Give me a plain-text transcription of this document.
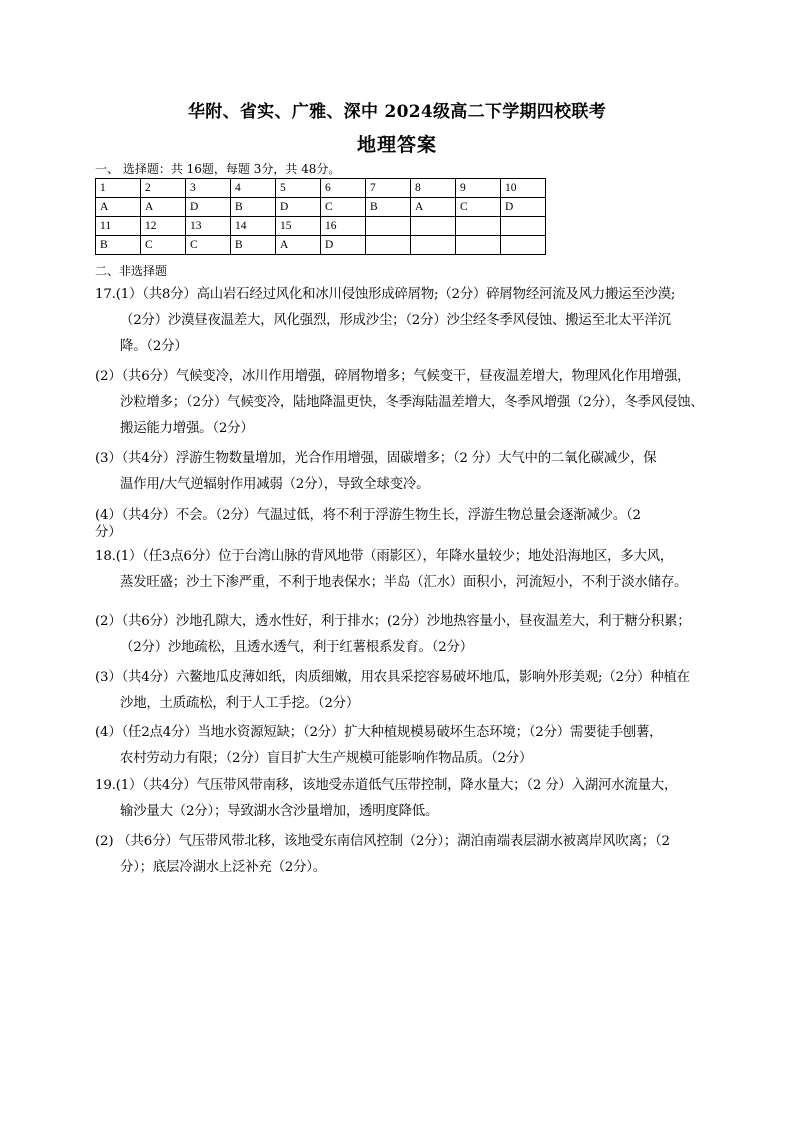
华附、省实、广雅、深中 2024级高二下学期四校联考
地理答案
一、 选择题：共 16题，每题 3分，共 48分。
1	2	3	4	5	6	7	8	9	10
A	A	D	B	D	C	B	A	C	D
11	12	13	14	15	16				
B	C	C	B	A	D				
二、非选择题
17.(1）（共8分）高山岩石经过风化和冰川侵蚀形成碎屑物;（2分）碎屑物经河流及风力搬运至沙漠;
（2分）沙漠昼夜温差大，风化强烈，形成沙尘；（2分）沙尘经冬季风侵蚀、搬运至北太平洋沉
降。（2分）
(2）（共6分）气候变冷，冰川作用增强，碎屑物增多；气候变干，昼夜温差增大，物理风化作用增强，
沙粒增多；（2分）气候变冷，陆地降温更快，冬季海陆温差增大，冬季风增强（2分），冬季风侵蚀、
搬运能力增强。（2分）
(3）（共4分）浮游生物数量增加，光合作用增强，固碳增多；（2 分）大气中的二氧化碳减少，保
温作用/大气逆辐射作用减弱（2分），导致全球变冷。
(4）（共4分）不会。（2分）气温过低，将不利于浮游生物生长，浮游生物总量会逐渐减少。（2
分）
18.(1）（任3点6分）位于台湾山脉的背风地带（雨影区），年降水量较少；地处沿海地区，多大风，
蒸发旺盛；沙土下渗严重，不利于地表保水；半岛（汇水）面积小，河流短小，不利于淡水储存。
(2）（共6分）沙地孔隙大，透水性好，利于排水；(2分）沙地热容量小，昼夜温差大，利于糖分积累；
（2分）沙地疏松，且透水透气，利于红薯根系发育。（2分）
(3）（共4分）六鳌地瓜皮薄如纸，肉质细嫩，用农具采挖容易破坏地瓜，影响外形美观;（2分）种植在
沙地，土质疏松，利于人工手挖。（2分）
(4）（任2点4分）当地水资源短缺；（2分）扩大种植规模易破坏生态环境；（2分）需要徒手刨薯，
农村劳动力有限；（2分）盲目扩大生产规模可能影响作物品质。（2分）
19.(1）（共4分）气压带风带南移，该地受赤道低气压带控制，降水量大；（2 分）入湖河水流量大，
输沙量大（2分）；导致湖水含沙量增加，透明度降低。
(2) （共6分）气压带风带北移，该地受东南信风控制（2分）；湖泊南端表层湖水被离岸风吹离；（2
分）；底层冷湖水上泛补充（2分）。
